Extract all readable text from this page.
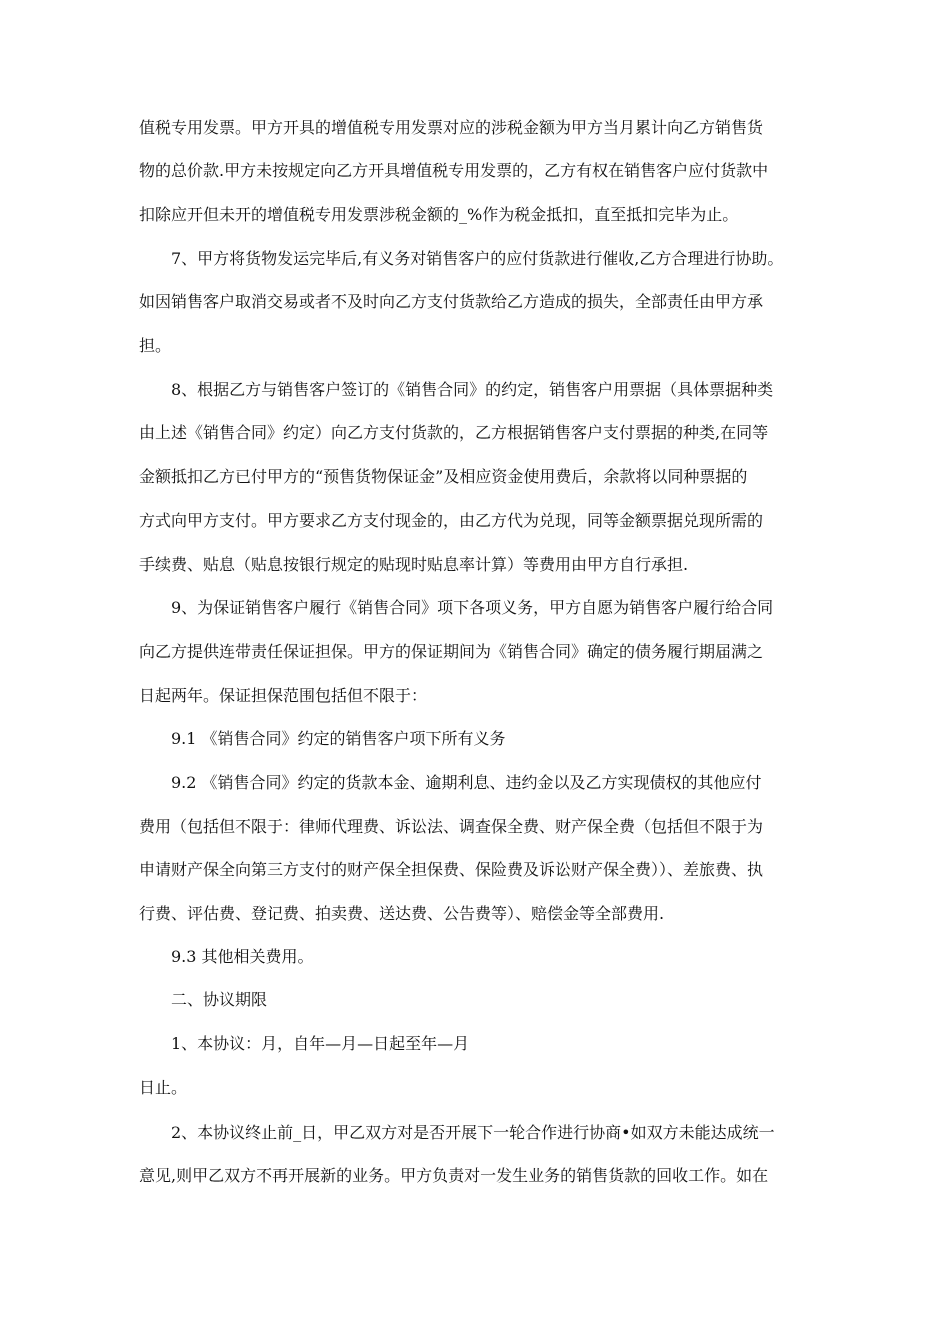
值税专用发票。甲方开具的增值税专用发票对应的涉税金额为甲方当月累计向乙方销售货
物的总价款.甲方未按规定向乙方开具增值税专用发票的，乙方有权在销售客户应付货款中
扣除应开但未开的增值税专用发票涉税金额的_%作为税金抵扣，直至抵扣完毕为止。
7、甲方将货物发运完毕后,有义务对销售客户的应付货款进行催收,乙方合理进行协助。
如因销售客户取消交易或者不及时向乙方支付货款给乙方造成的损失，全部责任由甲方承
担。
8、根据乙方与销售客户签订的《销售合同》的约定，销售客户用票据（具体票据种类
由上述《销售合同》约定）向乙方支付货款的，乙方根据销售客户支付票据的种类,在同等
金额抵扣乙方已付甲方的“预售货物保证金”及相应资金使用费后，余款将以同种票据的
方式向甲方支付。甲方要求乙方支付现金的，由乙方代为兑现，同等金额票据兑现所需的
手续费、贴息（贴息按银行规定的贴现时贴息率计算）等费用由甲方自行承担.
9、为保证销售客户履行《销售合同》项下各项义务，甲方自愿为销售客户履行给合同
向乙方提供连带责任保证担保。甲方的保证期间为《销售合同》确定的债务履行期届满之
日起两年。保证担保范围包括但不限于：
9.1 《销售合同》约定的销售客户项下所有义务
9.2 《销售合同》约定的货款本金、逾期利息、违约金以及乙方实现债权的其他应付
费用（包括但不限于：律师代理费、诉讼法、调查保全费、财产保全费（包括但不限于为
申请财产保全向第三方支付的财产保全担保费、保险费及诉讼财产保全费））、差旅费、执
行费、评估费、登记费、拍卖费、送达费、公告费等）、赔偿金等全部费用.
9.3 其他相关费用。
二、协议期限
1、本协议：月，自年—月—日起至年—月
日止。
2、本协议终止前_日，甲乙双方对是否开展下一轮合作进行协商•如双方未能达成统一
意见,则甲乙双方不再开展新的业务。甲方负责对一发生业务的销售货款的回收工作。如在
